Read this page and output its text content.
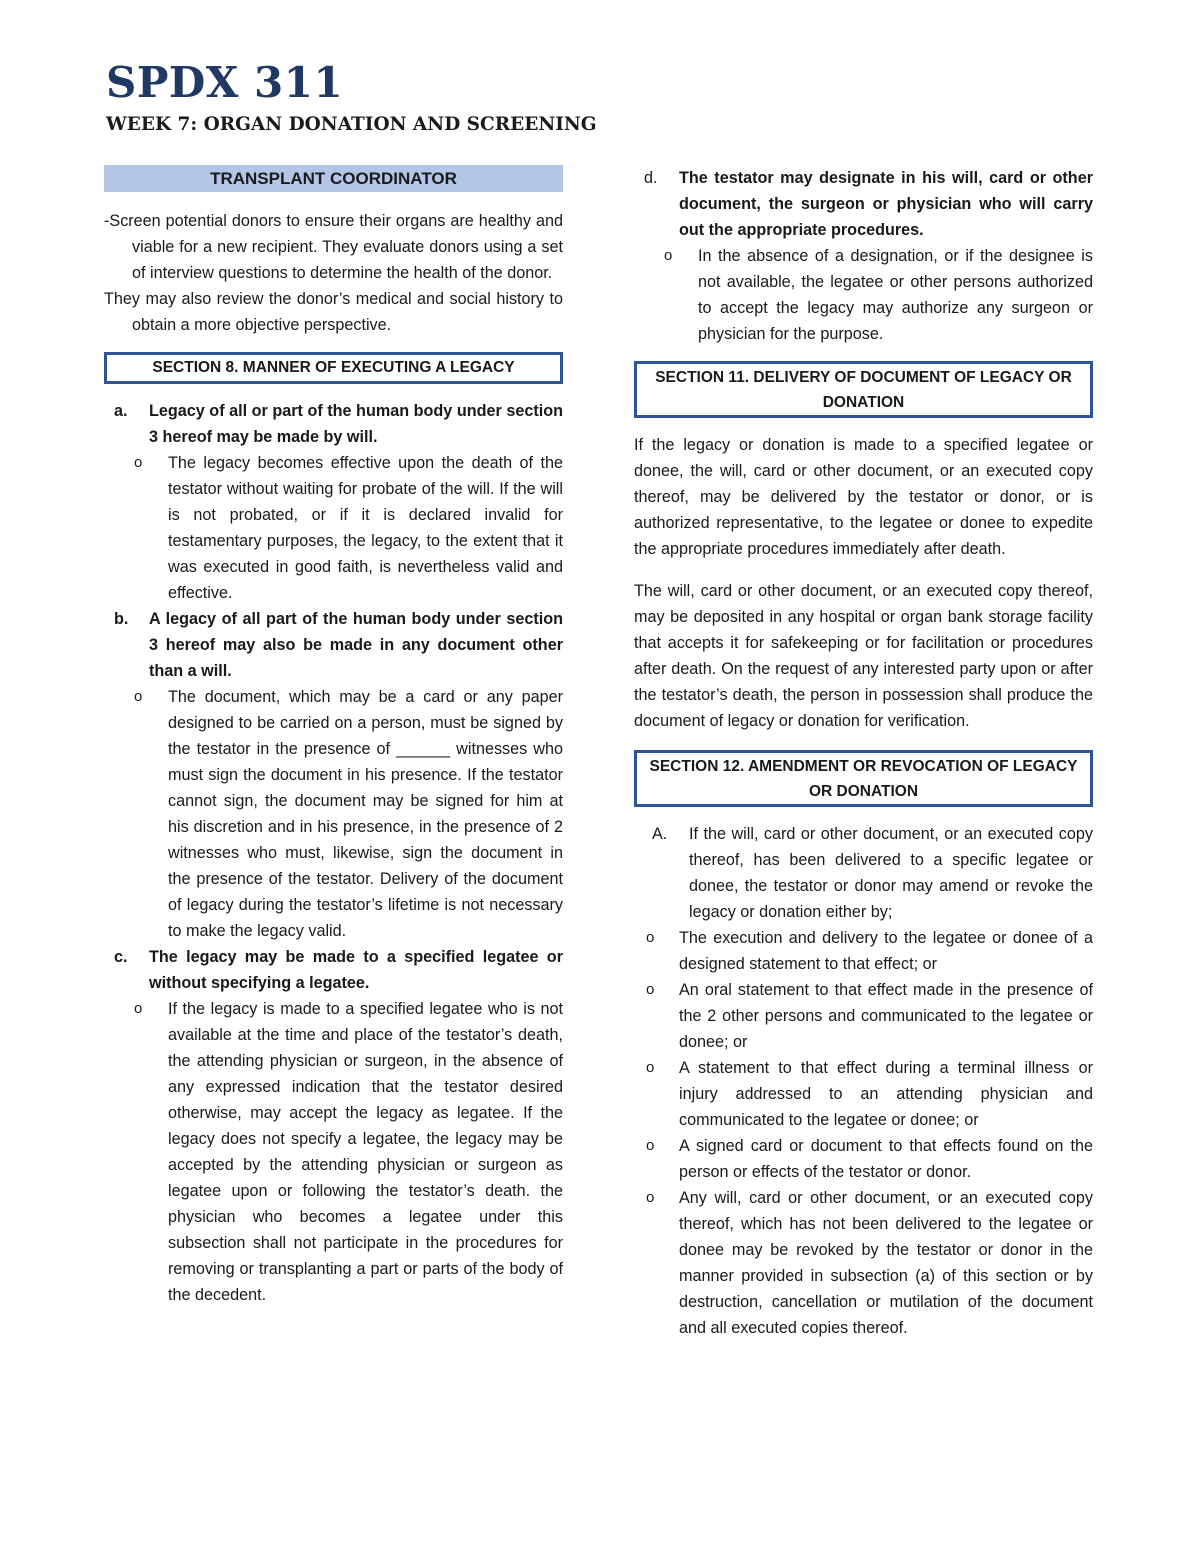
SPDX 311
WEEK 7: ORGAN DONATION AND SCREENING
TRANSPLANT COORDINATOR

-Screen potential donors to ensure their organs are healthy and viable for a new recipient. They evaluate donors using a set of interview questions to determine the health of the donor.

They may also review the donor’s medical and social history to obtain a more objective perspective.

SECTION 8. MANNER OF EXECUTING A LEGACY
a. Legacy of all or part of the human body under section 3 hereof may be made by will.
o The legacy becomes effective upon the death of the testator without waiting for probate of the will. If the will is not probated, or if it is declared invalid for testamentary purposes, the legacy, to the extent that it was executed in good faith, is nevertheless valid and effective.
b. A legacy of all part of the human body under section 3 hereof may also be made in any document other than a will.
o The document, which may be a card or any paper designed to be carried on a person, must be signed by the testator in the presence of ______ witnesses who must sign the document in his presence. If the testator cannot sign, the document may be signed for him at his discretion and in his presence, in the presence of 2 witnesses who must, likewise, sign the document in the presence of the testator. Delivery of the document of legacy during the testator’s lifetime is not necessary to make the legacy valid.
c. The legacy may be made to a specified legatee or without specifying a legatee.
o If the legacy is made to a specified legatee who is not available at the time and place of the testator’s death, the attending physician or surgeon, in the absence of any expressed indication that the testator desired otherwise, may accept the legacy as legatee. If the legacy does not specify a legatee, the legacy may be accepted by the attending physician or surgeon as legatee upon or following the testator’s death. the physician who becomes a legatee under this subsection shall not participate in the procedures for removing or transplanting a part or parts of the body of the decedent.
d. The testator may designate in his will, card or other document, the surgeon or physician who will carry out the appropriate procedures.
o In the absence of a designation, or if the designee is not available, the legatee or other persons authorized to accept the legacy may authorize any surgeon or physician for the purpose.

SECTION 11. DELIVERY OF DOCUMENT OF LEGACY OR DONATION

If the legacy or donation is made to a specified legatee or donee, the will, card or other document, or an executed copy thereof, may be delivered by the testator or donor, or is authorized representative, to the legatee or donee to expedite the appropriate procedures immediately after death.

The will, card or other document, or an executed copy thereof, may be deposited in any hospital or organ bank storage facility that accepts it for safekeeping or for facilitation or procedures after death. On the request of any interested party upon or after the testator’s death, the person in possession shall produce the document of legacy or donation for verification.

SECTION 12. AMENDMENT OR REVOCATION OF LEGACY OR DONATION
A. If the will, card or other document, or an executed copy thereof, has been delivered to a specific legatee or donee, the testator or donor may amend or revoke the legacy or donation either by;

o The execution and delivery to the legatee or donee of a designed statement to that effect; or

o An oral statement to that effect made in the presence of the 2 other persons and communicated to the legatee or donee; or

o A statement to that effect during a terminal illness or injury addressed to an attending physician and communicated to the legatee or donee; or

o A signed card or document to that effects found on the person or effects of the testator or donor.

o Any will, card or other document, or an executed copy thereof, which has not been delivered to the legatee or donee may be revoked by the testator or donor in the manner provided in subsection (a) of this section or by destruction, cancellation or mutilation of the document and all executed copies thereof.
